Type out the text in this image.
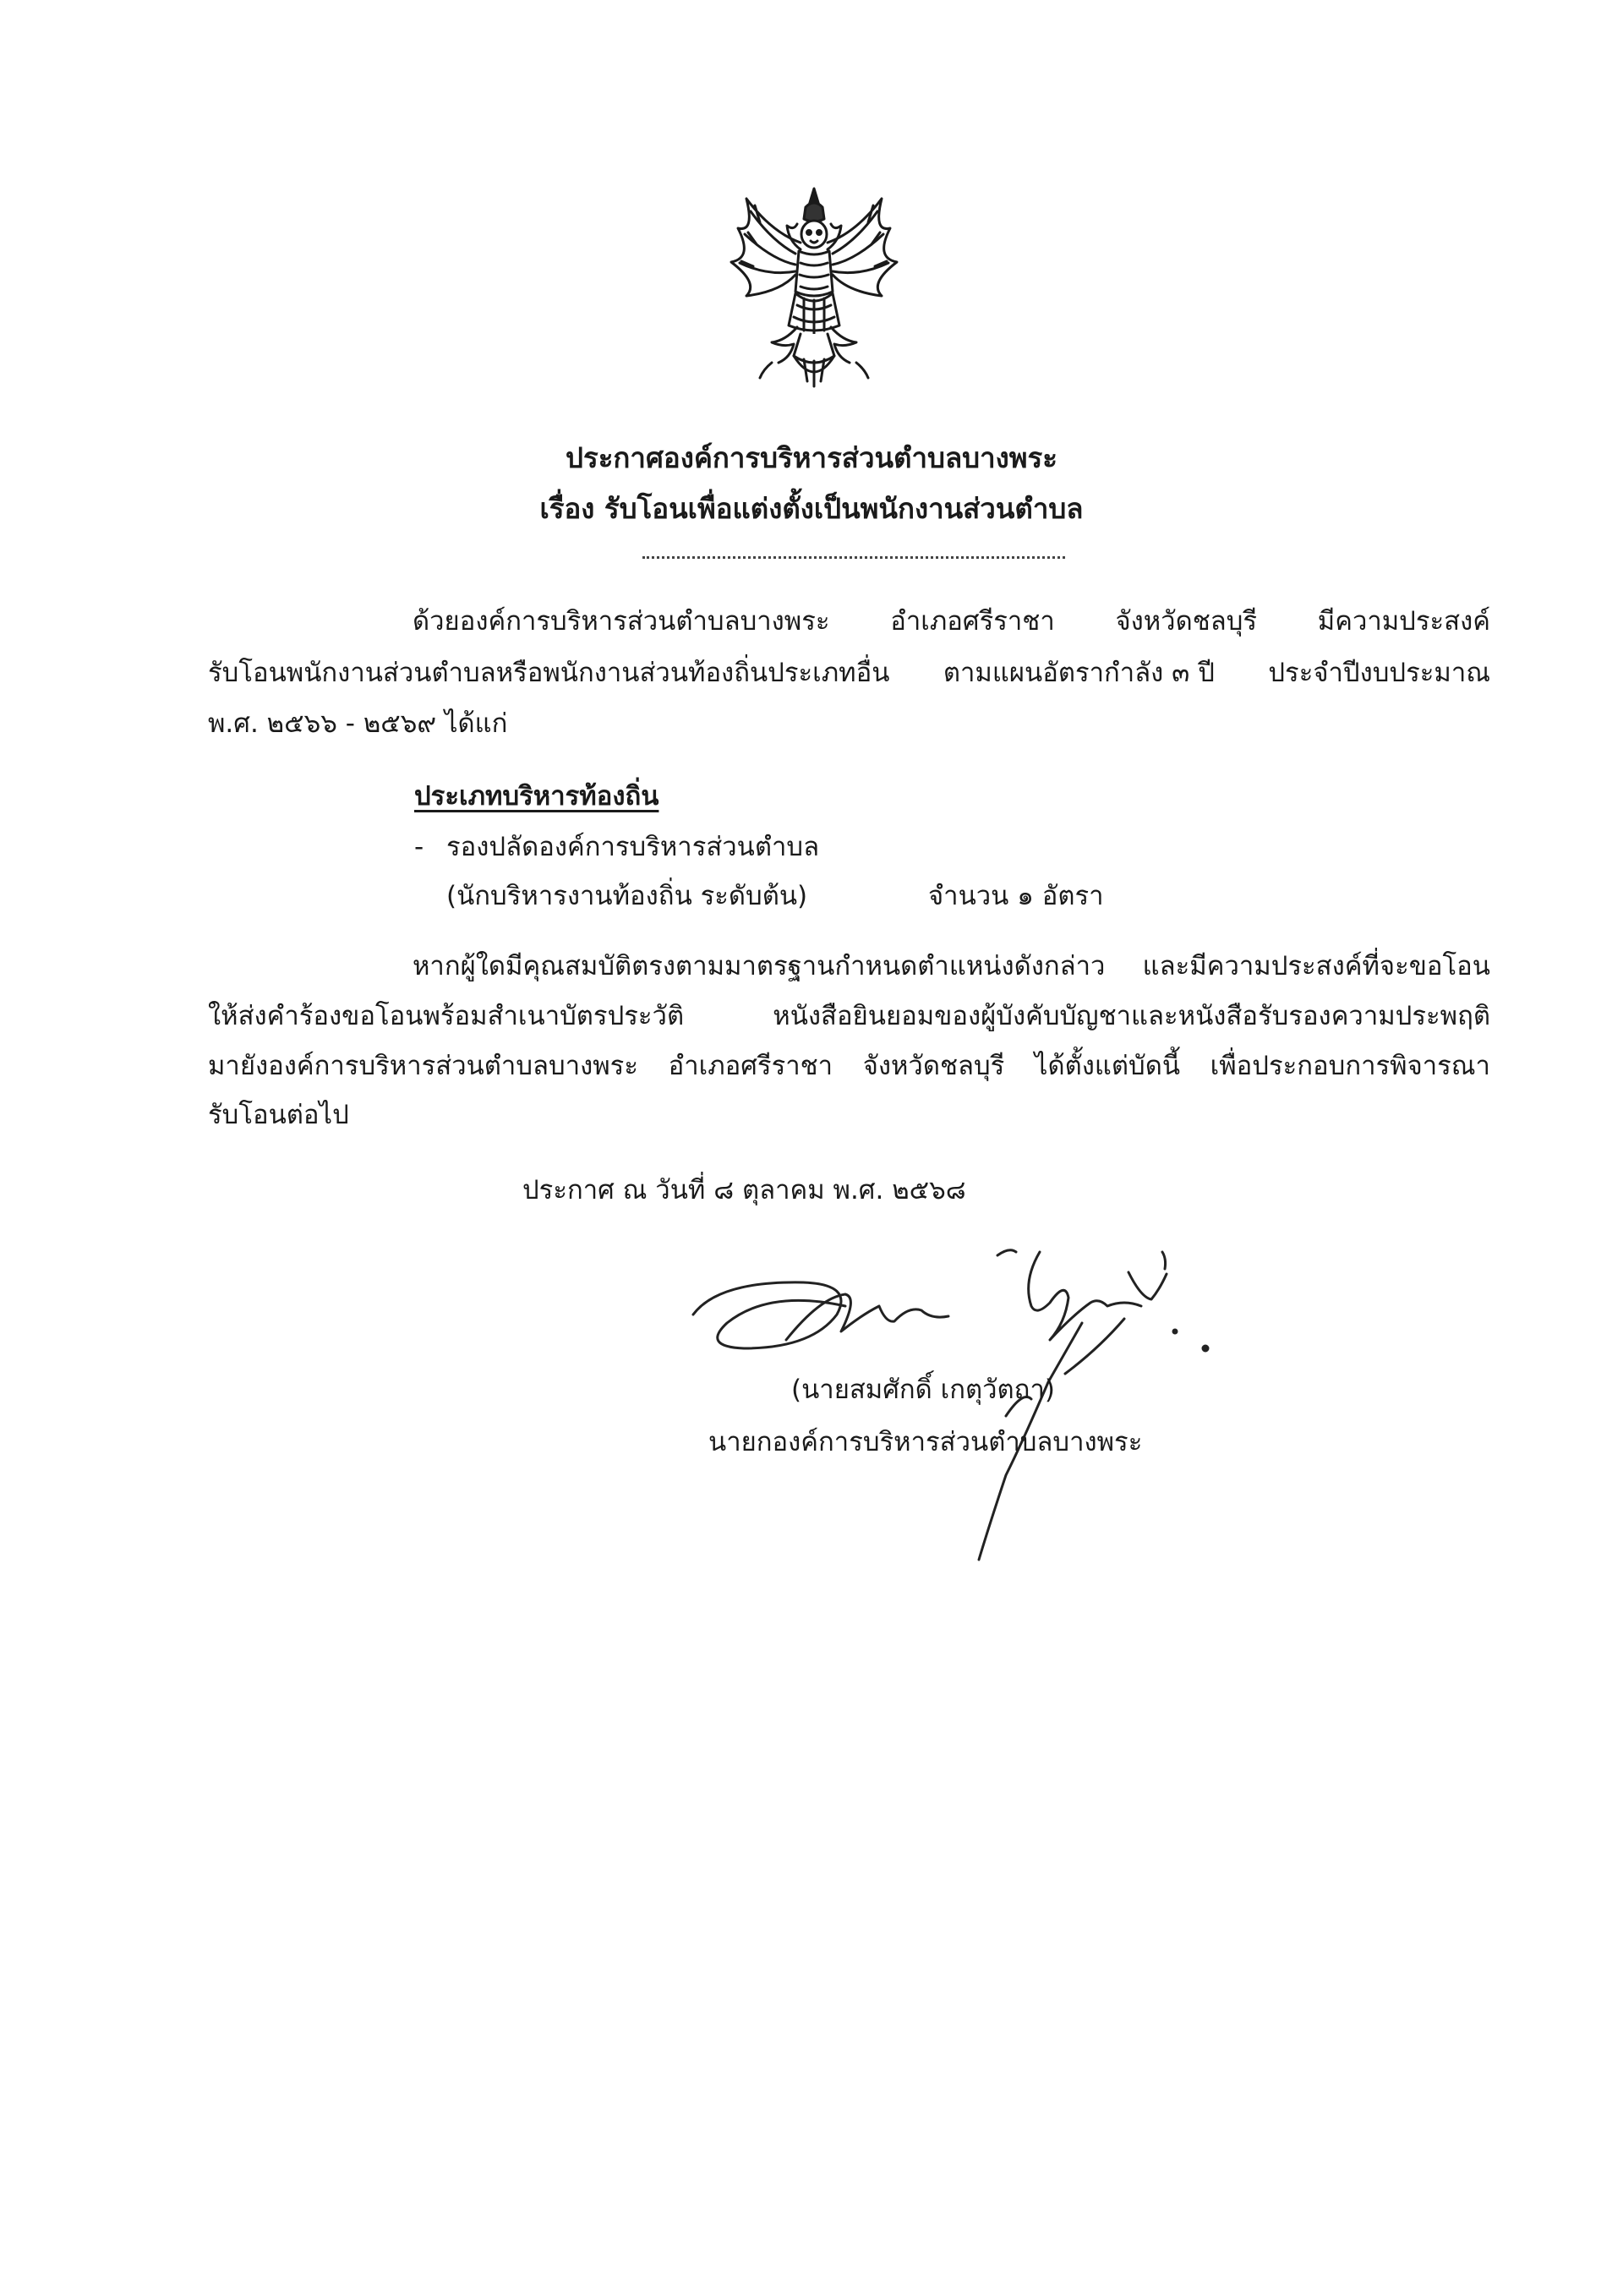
ประกาศองค์การบริหารส่วนตำบลบางพระ
เรื่อง รับโอนเพื่อแต่งตั้งเป็นพนักงานส่วนตำบล
ด้วยองค์การบริหารส่วนตำบลบางพระ อำเภอศรีราชา จังหวัดชลบุรี มีความประสงค์
รับโอนพนักงานส่วนตำบลหรือพนักงานส่วนท้องถิ่นประเภทอื่น ตามแผนอัตรากำลัง ๓ ปี ประจำปีงบประมาณ
พ.ศ. ๒๕๖๖ - ๒๕๖๙ ได้แก่
ประเภทบริหารท้องถิ่น
- รองปลัดองค์การบริหารส่วนตำบล
(นักบริหารงานท้องถิ่น ระดับต้น)	จำนวน ๑ อัตรา
หากผู้ใดมีคุณสมบัติตรงตามมาตรฐานกำหนดตำแหน่งดังกล่าว และมีความประสงค์ที่จะขอโอน
ให้ส่งคำร้องขอโอนพร้อมสำเนาบัตรประวัติ	หนังสือยินยอมของผู้บังคับบัญชาและหนังสือรับรองความประพฤติ
มายังองค์การบริหารส่วนตำบลบางพระ อำเภอศรีราชา จังหวัดชลบุรี ได้ตั้งแต่บัดนี้ เพื่อประกอบการพิจารณา
รับโอนต่อไป
ประกาศ ณ วันที่ ๘ ตุลาคม พ.ศ. ๒๕๖๘
(นายสมศักดิ์ เกตุวัตถา)
นายกองค์การบริหารส่วนตำบลบางพระ
